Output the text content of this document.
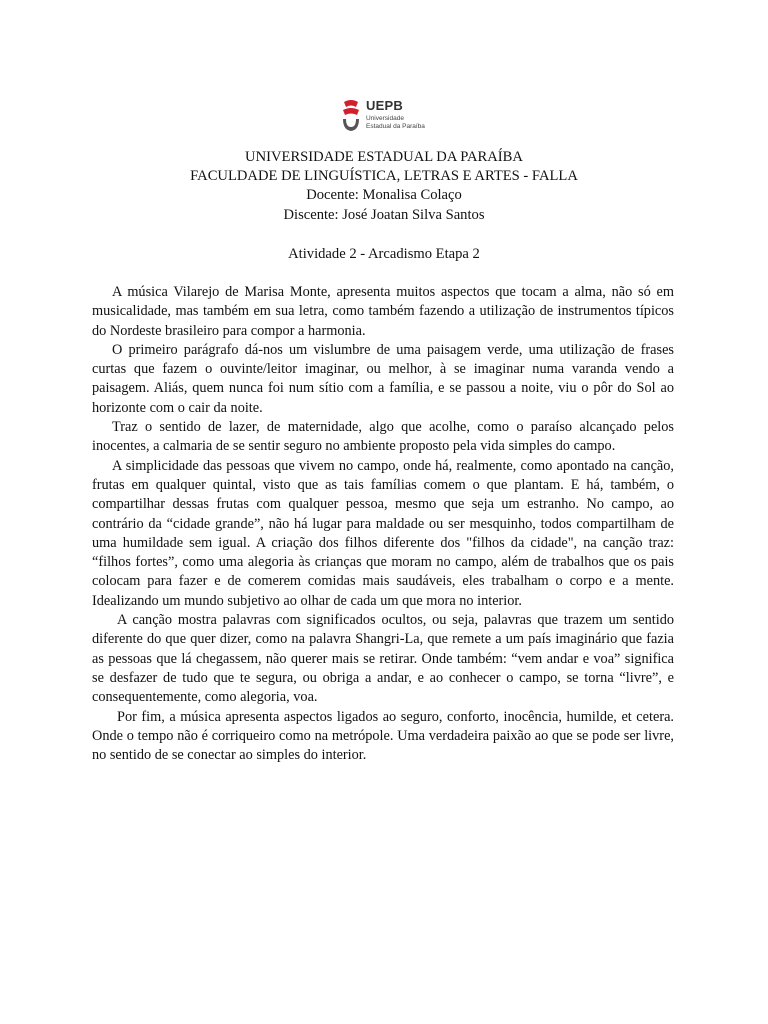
UEPB
Universidade
Estadual da Paraíba
UNIVERSIDADE ESTADUAL DA PARAÍBA
FACULDADE DE LINGUÍSTICA, LETRAS E ARTES - FALLA
Docente: Monalisa Colaço
Discente: José Joatan Silva Santos
Atividade 2 - Arcadismo Etapa 2

A música Vilarejo de Marisa Monte, apresenta muitos aspectos que tocam a alma, não só em musicalidade, mas também em sua letra, como também fazendo a utilização de instrumentos típicos do Nordeste brasileiro para compor a harmonia.

O primeiro parágrafo dá-nos um vislumbre de uma paisagem verde, uma utilização de frases curtas que fazem o ouvinte/leitor imaginar, ou melhor, à se imaginar numa varanda vendo a paisagem. Aliás, quem nunca foi num sítio com a família, e se passou a noite, viu o pôr do Sol ao horizonte com o cair da noite.

Traz o sentido de lazer, de maternidade, algo que acolhe, como o paraíso alcançado pelos inocentes, a calmaria de se sentir seguro no ambiente proposto pela vida simples do campo.

A simplicidade das pessoas que vivem no campo, onde há, realmente, como apontado na canção, frutas em qualquer quintal, visto que as tais famílias comem o que plantam. E há, também, o compartilhar dessas frutas com qualquer pessoa, mesmo que seja um estranho. No campo, ao contrário da “cidade grande”, não há lugar para maldade ou ser mesquinho, todos compartilham de uma humildade sem igual. A criação dos filhos diferente dos "filhos da cidade", na canção traz: “filhos fortes”, como uma alegoria às crianças que moram no campo, além de trabalhos que os pais colocam para fazer e de comerem comidas mais saudáveis, eles trabalham o corpo e a mente. Idealizando um mundo subjetivo ao olhar de cada um que mora no interior.

A canção mostra palavras com significados ocultos, ou seja, palavras que trazem um sentido diferente do que quer dizer, como na palavra Shangri-La, que remete a um país imaginário que fazia as pessoas que lá chegassem, não querer mais se retirar. Onde também: “vem andar e voa” significa se desfazer de tudo que te segura, ou obriga a andar, e ao conhecer o campo, se torna “livre”, e consequentemente, como alegoria, voa.

Por fim, a música apresenta aspectos ligados ao seguro, conforto, inocência, humilde, et cetera. Onde o tempo não é corriqueiro como na metrópole. Uma verdadeira paixão ao que se pode ser livre, no sentido de se conectar ao simples do interior.
